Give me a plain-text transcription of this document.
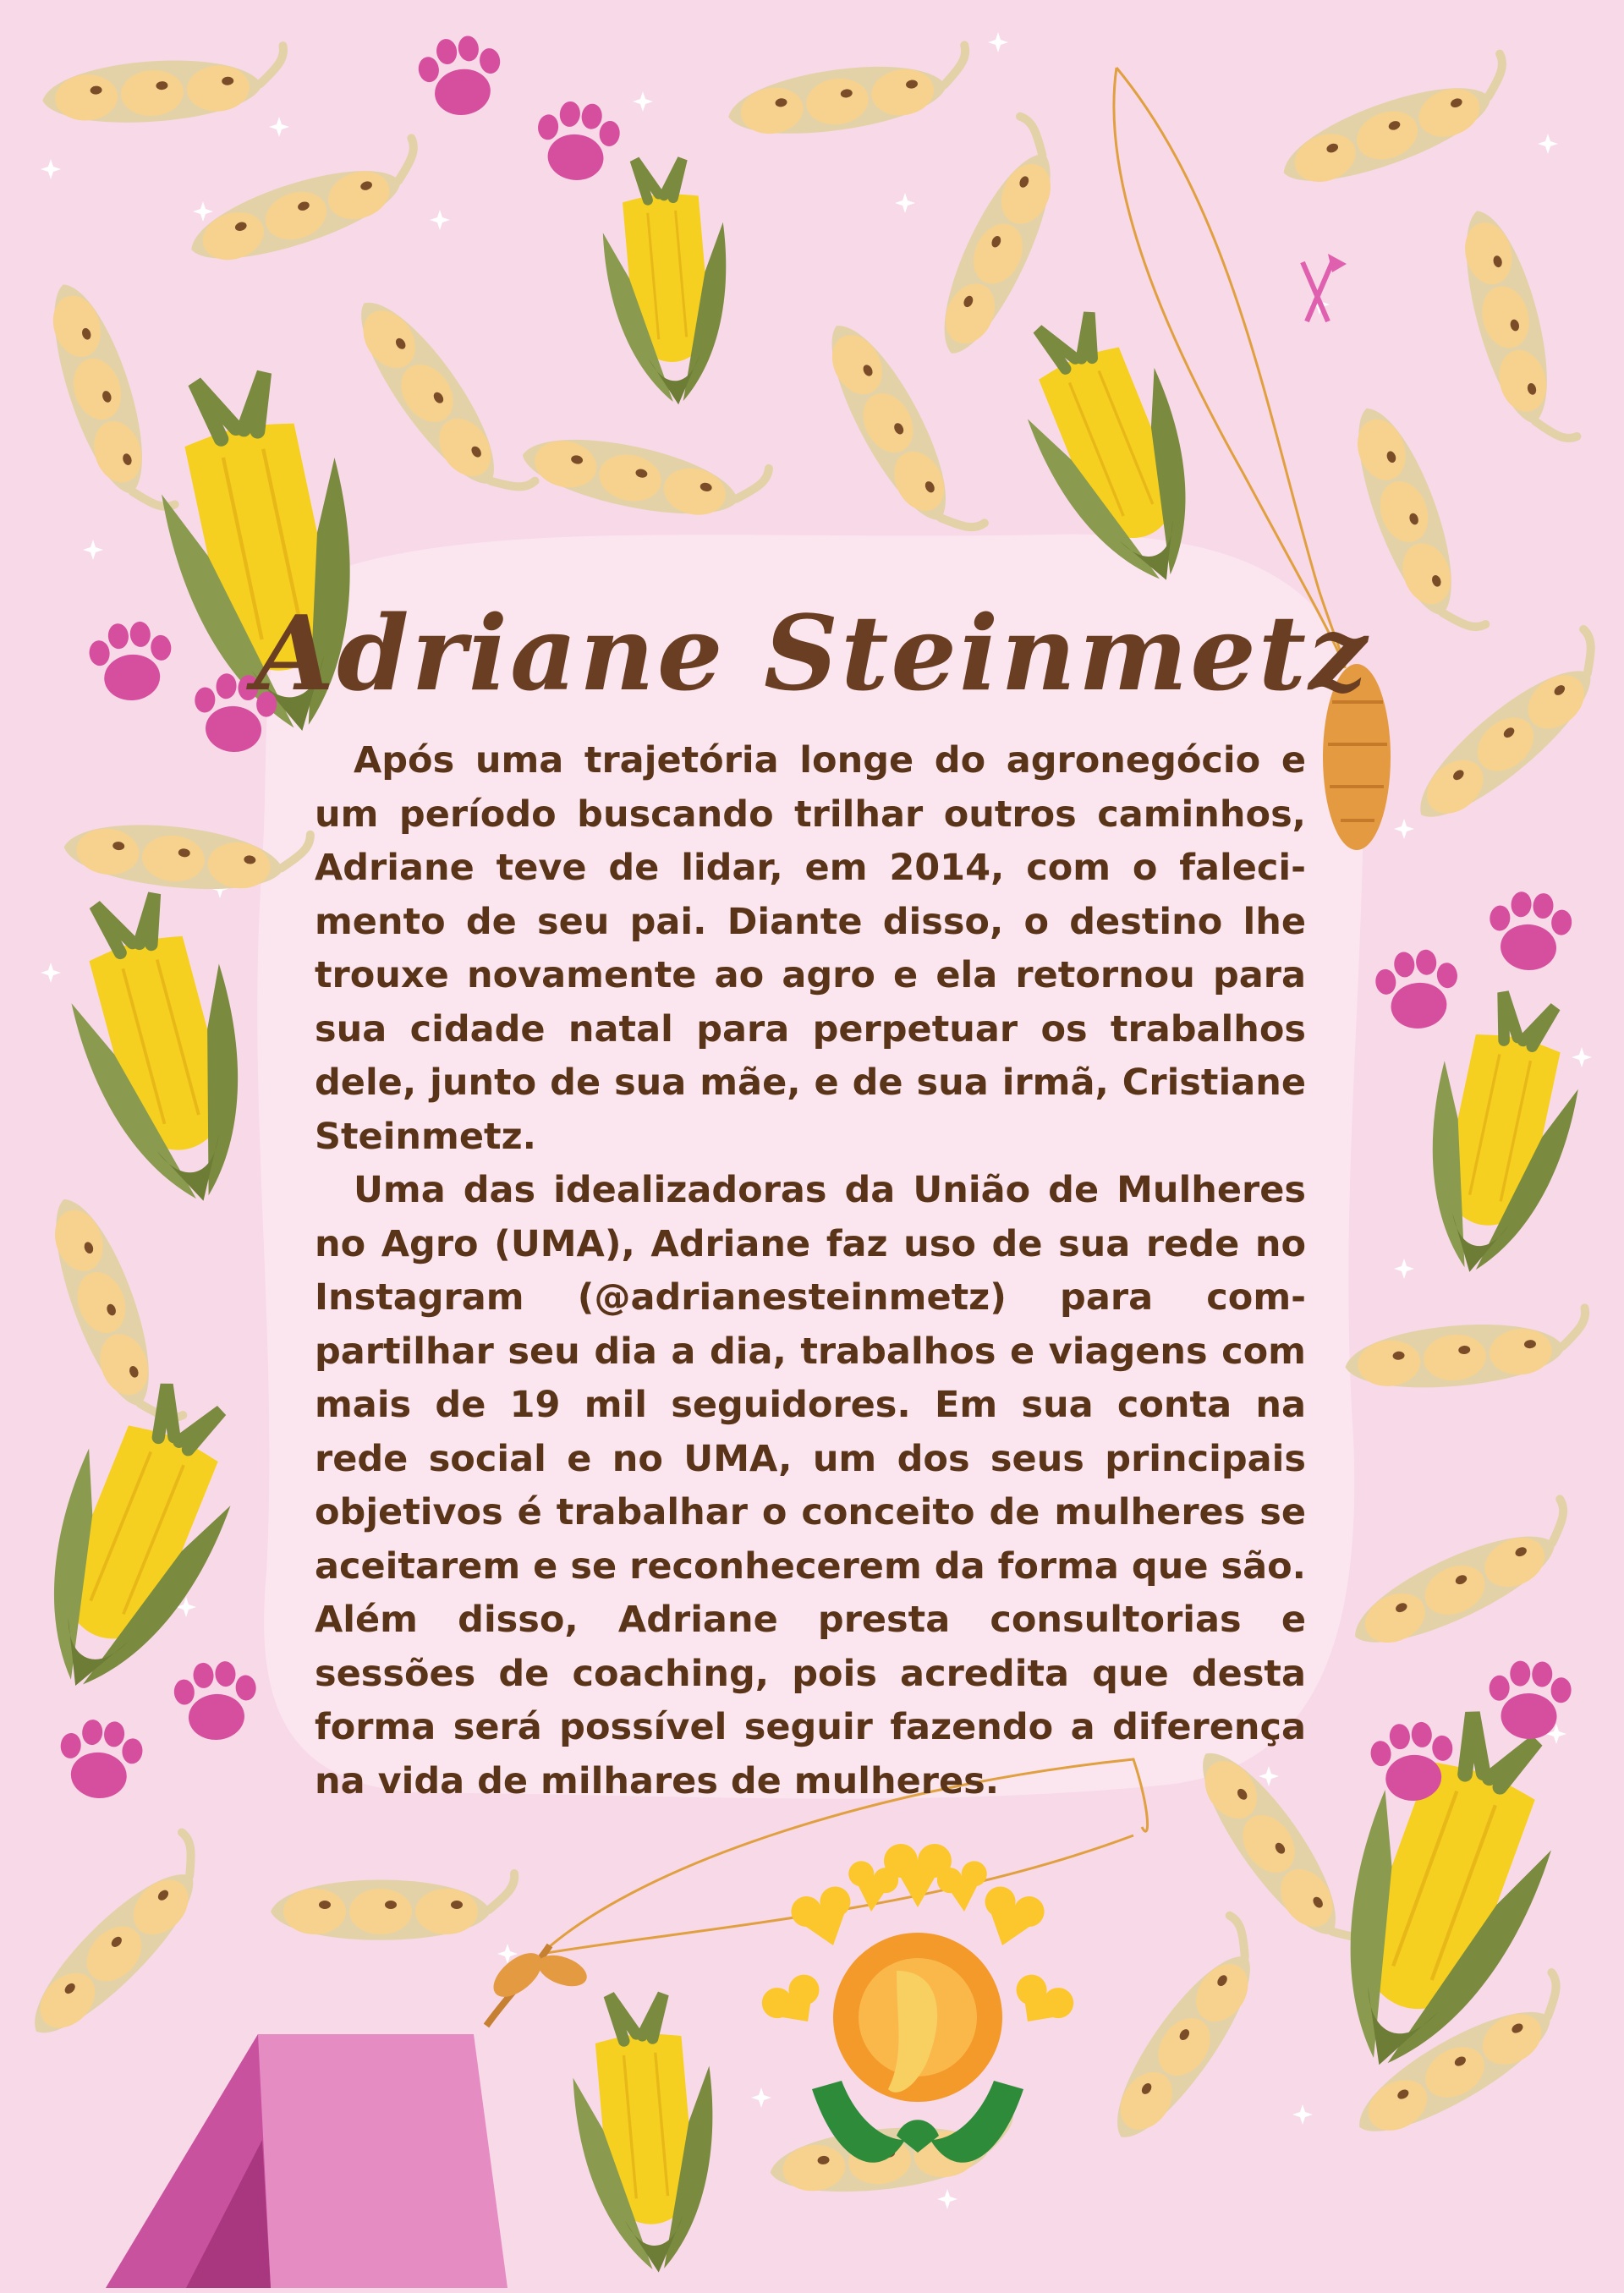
Adriane Steinmetz

Após uma trajetória longe do agronegócio e um período buscando trilhar outros caminhos, Adriane teve de lidar, em 2014, com o falecimento de seu pai. Diante disso, o destino lhe trouxe novamente ao agro e ela retornou para sua cidade natal para perpetuar os trabalhos dele, junto de sua mãe, e de sua irmã, Cristiane Steinmetz.

Uma das idealizadoras da União de Mulheres no Agro (UMA), Adriane faz uso de sua rede no Instagram (@adrianesteinmetz) para compartilhar seu dia a dia, trabalhos e viagens com mais de 19 mil seguidores. Em sua conta na rede social e no UMA, um dos seus principais objetivos é trabalhar o conceito de mulheres se aceitarem e se reconhecerem da forma que são. Além disso, Adriane presta consultorias e sessões de coaching, pois acredita que desta forma será possível seguir fazendo a diferença na vida de milhares de mulheres.
